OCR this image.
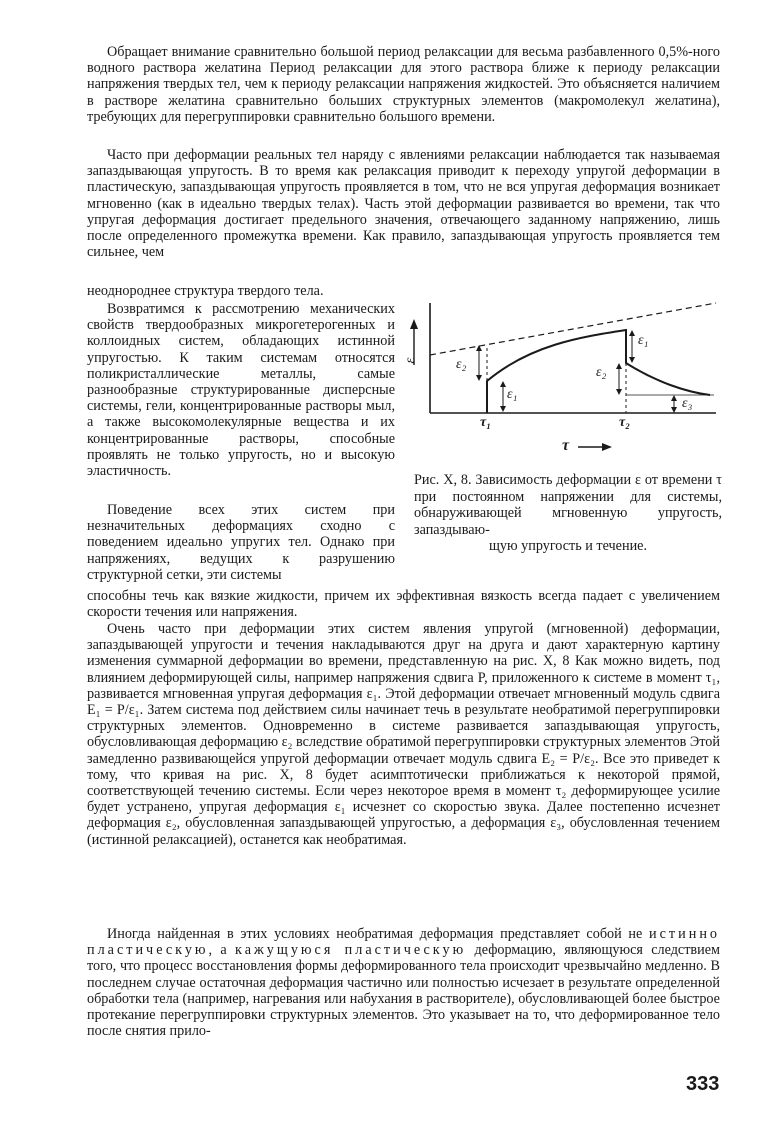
Обращает внимание сравнительно большой период релаксации для весьма разбавленного 0,5%-ного водного раствора желатина Период релаксации для этого раствора ближе к периоду релаксации напряжения твердых тел, чем к периоду релаксации напряжения жидкостей. Это объясняется наличием в растворе желатина сравнительно больших структурных элементов (макромолекул желатина), требующих для перегруппировки сравнительно большого времени.

Часто при деформации реальных тел наряду с явлениями релаксации наблюдается так называемая запаздывающая упругость. В то время как релаксация приводит к переходу упругой деформации в пластическую, запаздывающая упругость проявляется в том, что не вся упругая деформация возникает мгновенно (как в идеально твердых телах). Часть этой деформации развивается во времени, так что упругая деформация достигает предельного значения, отвечающего заданному напряжению, лишь после определенного промежутка времени. Как правило, запаздывающая упругость проявляется тем сильнее, чем

неоднороднее структура твердого тела.

Возвратимся к рассмотрению механических свойств твердообразных микрогетерогенных и коллоидных систем, обладающих истинной упругостью. К таким системам относятся поликристаллические металлы, самые разнообразные структурированные дисперсные системы, гели, концентрированные растворы мыл, а также высокомолекулярные вещества и их концентрированные растворы, способные проявлять не только упругость, но и высокую эластичность.

Поведение всех этих систем при незначительных деформациях сходно с поведением идеально упругих тел. Однако при напряжениях, ведущих к разрушению структурной сетки, эти системы

способны течь как вязкие жидкости, причем их эффективная вязкость всегда падает с увеличением скорости течения или напряжения.

ε	ε₂
ε₁
ε₁
ε₂
ε₃
τ₁	τ₂
τ

Рис. X, 8. Зависимость деформации ε от времени τ при постоянном напряжении для системы, обнаруживающей мгновенную упругость, запаздываю-
щую упругость и течение.

Очень часто при деформации этих систем явления упругой (мгновенной) деформации, запаздывающей упругости и течения накладываются друг на друга и дают характерную картину изменения суммарной деформации во времени, представленную на рис. X, 8 Как можно видеть, под влиянием деформирующей силы, например напряжения сдвига P, приложенного к системе в момент τ₁, развивается мгновенная упругая деформация ε₁. Этой деформации отвечает мгновенный модуль сдвига E₁ = P/ε₁. Затем система под действием силы начинает течь в результате необратимой перегруппировки структурных элементов. Одновременно в системе развивается запаздывающая упругость, обусловливающая деформацию ε₂ вследствие обратимой перегруппировки структурных элементов Этой замедленно развивающейся упругой деформации отвечает модуль сдвига E₂ = P/ε₂. Все это приведет к тому, что кривая на рис. X, 8 будет асимптотически приближаться к некоторой прямой, соответствующей течению системы. Если через некоторое время в момент τ₂ деформирующее усилие будет устранено, упругая деформация ε₁ исчезнет со скоростью звука. Далее постепенно исчезнет деформация ε₂, обусловленная запаздывающей упругостью, а деформация ε₃, обусловленная течением (истинной релаксацией), останется как необратимая.

Иногда найденная в этих условиях необратимая деформация представляет собой не истинно пластическую, а кажущуюся пластическую деформацию, являющуюся следствием того, что процесс восстановления формы деформированного тела происходит чрезвычайно медленно. В последнем случае остаточная деформация частично или полностью исчезает в результате определенной обработки тела (например, нагревания или набухания в растворителе), обусловливающей более быстрое протекание перегруппировки структурных элементов. Это указывает на то, что деформированное тело после снятия прило-

333
